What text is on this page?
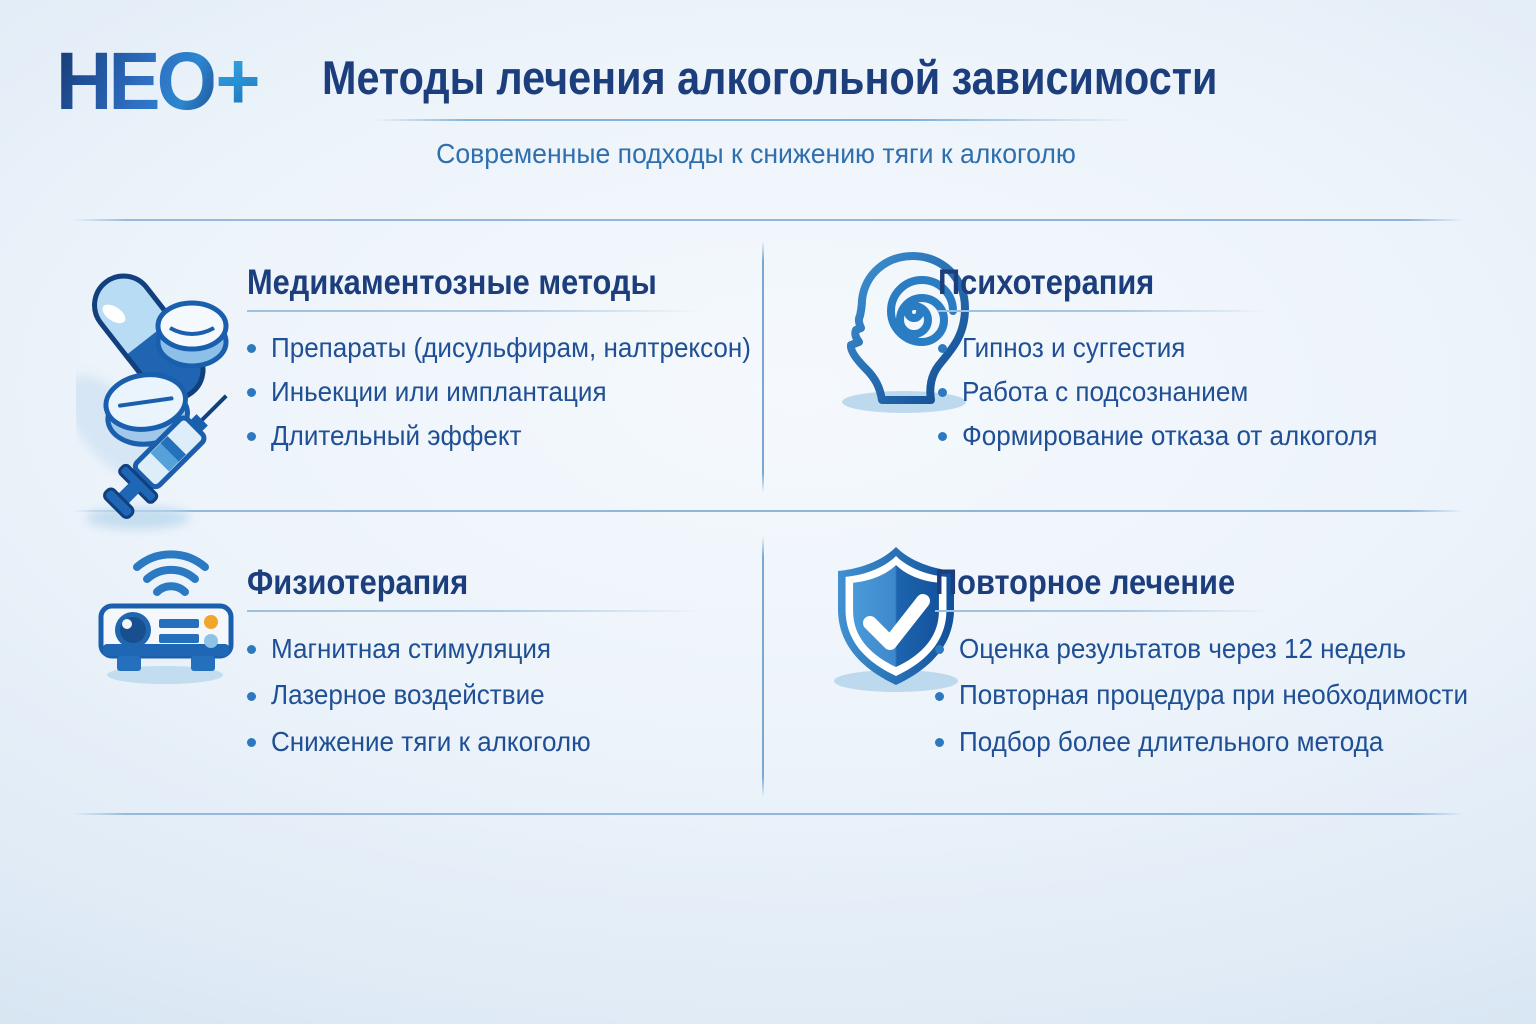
НЕО+ Методы лечения алкогольной зависимости

Современные подходы к снижению тяги к алкоголю

Медикаментозные методы
Препараты (дисульфирам, налтрексон)
Иньекции или имплантация
Длительный эффект
Психотерапия
Гипноз и суггестия
Работа с подсознанием
Формирование отказа от алкоголя
Физиотерапия
Магнитная стимуляция
Лазерное воздействие
Снижение тяги к алкоголю
Повторное лечение
Оценка результатов через 12 недель
Повторная процедура при необходимости
Подбор более длительного метода
